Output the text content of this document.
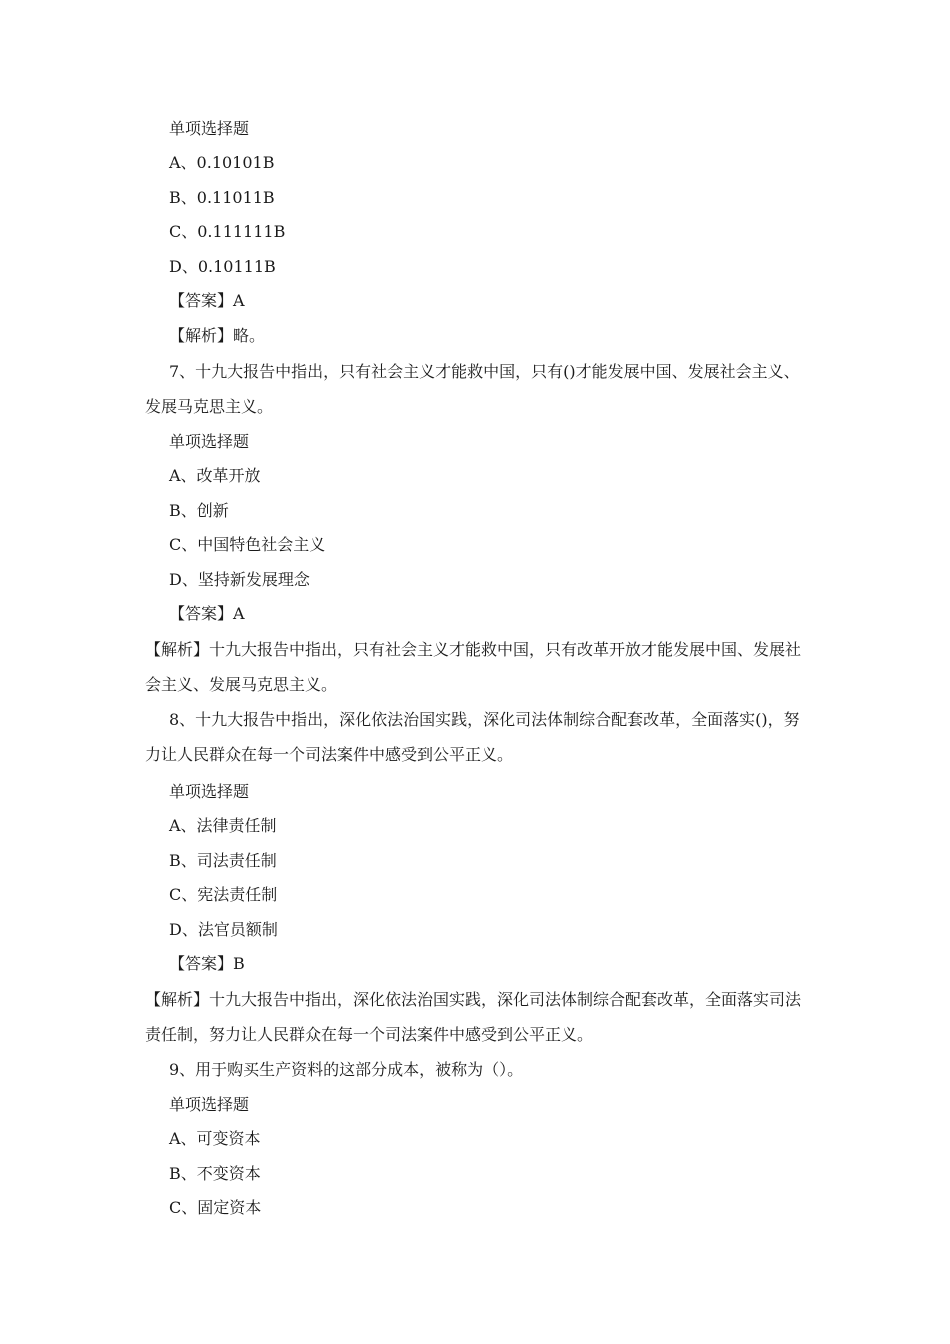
单项选择题
A、0.10101B
B、0.11011B
C、0.111111B
D、0.10111B
【答案】A
【解析】略。
7、十九大报告中指出，只有社会主义才能救中国，只有()才能发展中国、发展社会主义、发展马克思主义。
单项选择题
A、改革开放
B、创新
C、中国特色社会主义
D、坚持新发展理念
【答案】A
【解析】十九大报告中指出，只有社会主义才能救中国，只有改革开放才能发展中国、发展社会主义、发展马克思主义。
8、十九大报告中指出，深化依法治国实践，深化司法体制综合配套改革，全面落实()，努力让人民群众在每一个司法案件中感受到公平正义。
单项选择题
A、法律责任制
B、司法责任制
C、宪法责任制
D、法官员额制
【答案】B
【解析】十九大报告中指出，深化依法治国实践，深化司法体制综合配套改革，全面落实司法责任制，努力让人民群众在每一个司法案件中感受到公平正义。
9、用于购买生产资料的这部分成本，被称为（）。
单项选择题
A、可变资本
B、不变资本
C、固定资本
